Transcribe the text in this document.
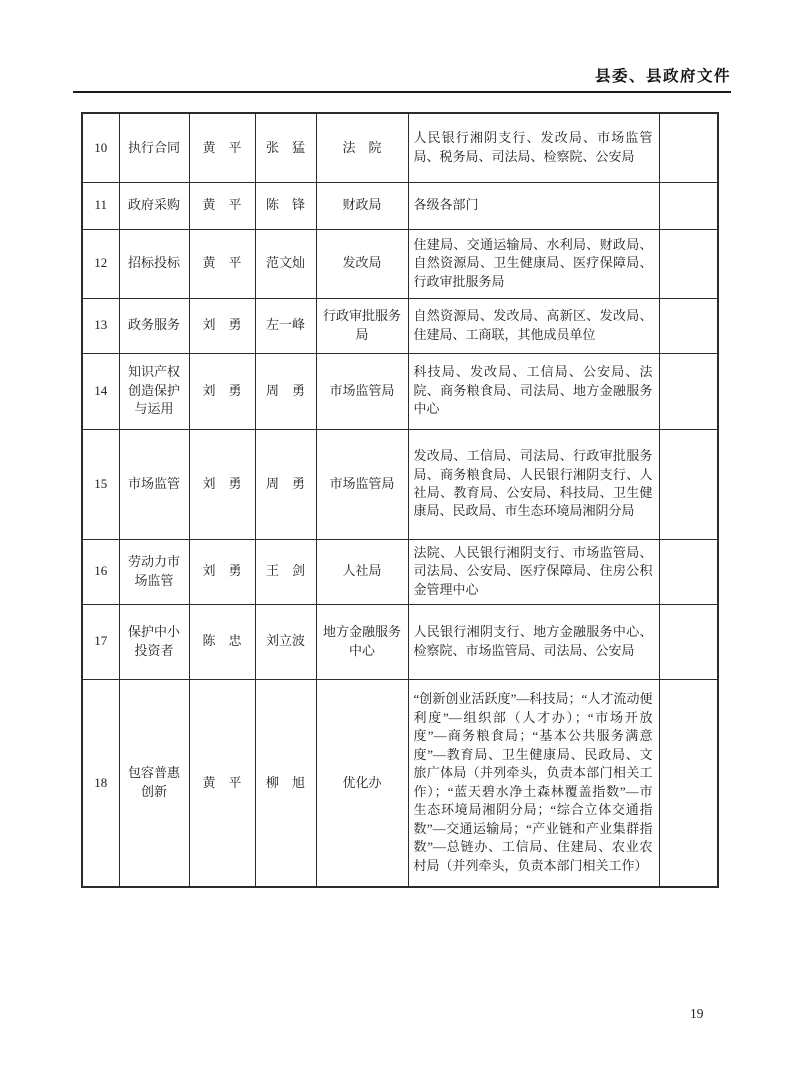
县委、县政府文件
10	执行合同	黄　平	张　猛	法　院	人民银行湘阴支行、发改局、市场监管局、税务局、司法局、检察院、公安局	
11	政府采购	黄　平	陈　锋	财政局	各级各部门	
12	招标投标	黄　平	范文灿	发改局	住建局、交通运输局、水利局、财政局、自然资源局、卫生健康局、医疗保障局、行政审批服务局	
13	政务服务	刘　勇	左一峰	行政审批服务局	自然资源局、发改局、高新区、发改局、住建局、工商联，其他成员单位	
14	知识产权创造保护与运用	刘　勇	周　勇	市场监管局	科技局、发改局、工信局、公安局、法院、商务粮食局、司法局、地方金融服务中心	
15	市场监管	刘　勇	周　勇	市场监管局	发改局、工信局、司法局、行政审批服务局、商务粮食局、人民银行湘阴支行、人社局、教育局、公安局、科技局、卫生健康局、民政局、市生态环境局湘阴分局	
16	劳动力市场监管	刘　勇	王　剑	人社局	法院、人民银行湘阴支行、市场监管局、司法局、公安局、医疗保障局、住房公积金管理中心	
17	保护中小投资者	陈　忠	刘立波	地方金融服务中心	人民银行湘阴支行、地方金融服务中心、检察院、市场监管局、司法局、公安局	
18	包容普惠创新	黄　平	柳　旭	优化办	“创新创业活跃度”—科技局；“人才流动便利度”—组织部（人才办）；“市场开放度”—商务粮食局；“基本公共服务满意度”—教育局、卫生健康局、民政局、文旅广体局（并列牵头，负责本部门相关工作）；“蓝天碧水净土森林覆盖指数”—市生态环境局湘阴分局；“综合立体交通指数”—交通运输局；“产业链和产业集群指数”—总链办、工信局、住建局、农业农村局（并列牵头，负责本部门相关工作）	
19
